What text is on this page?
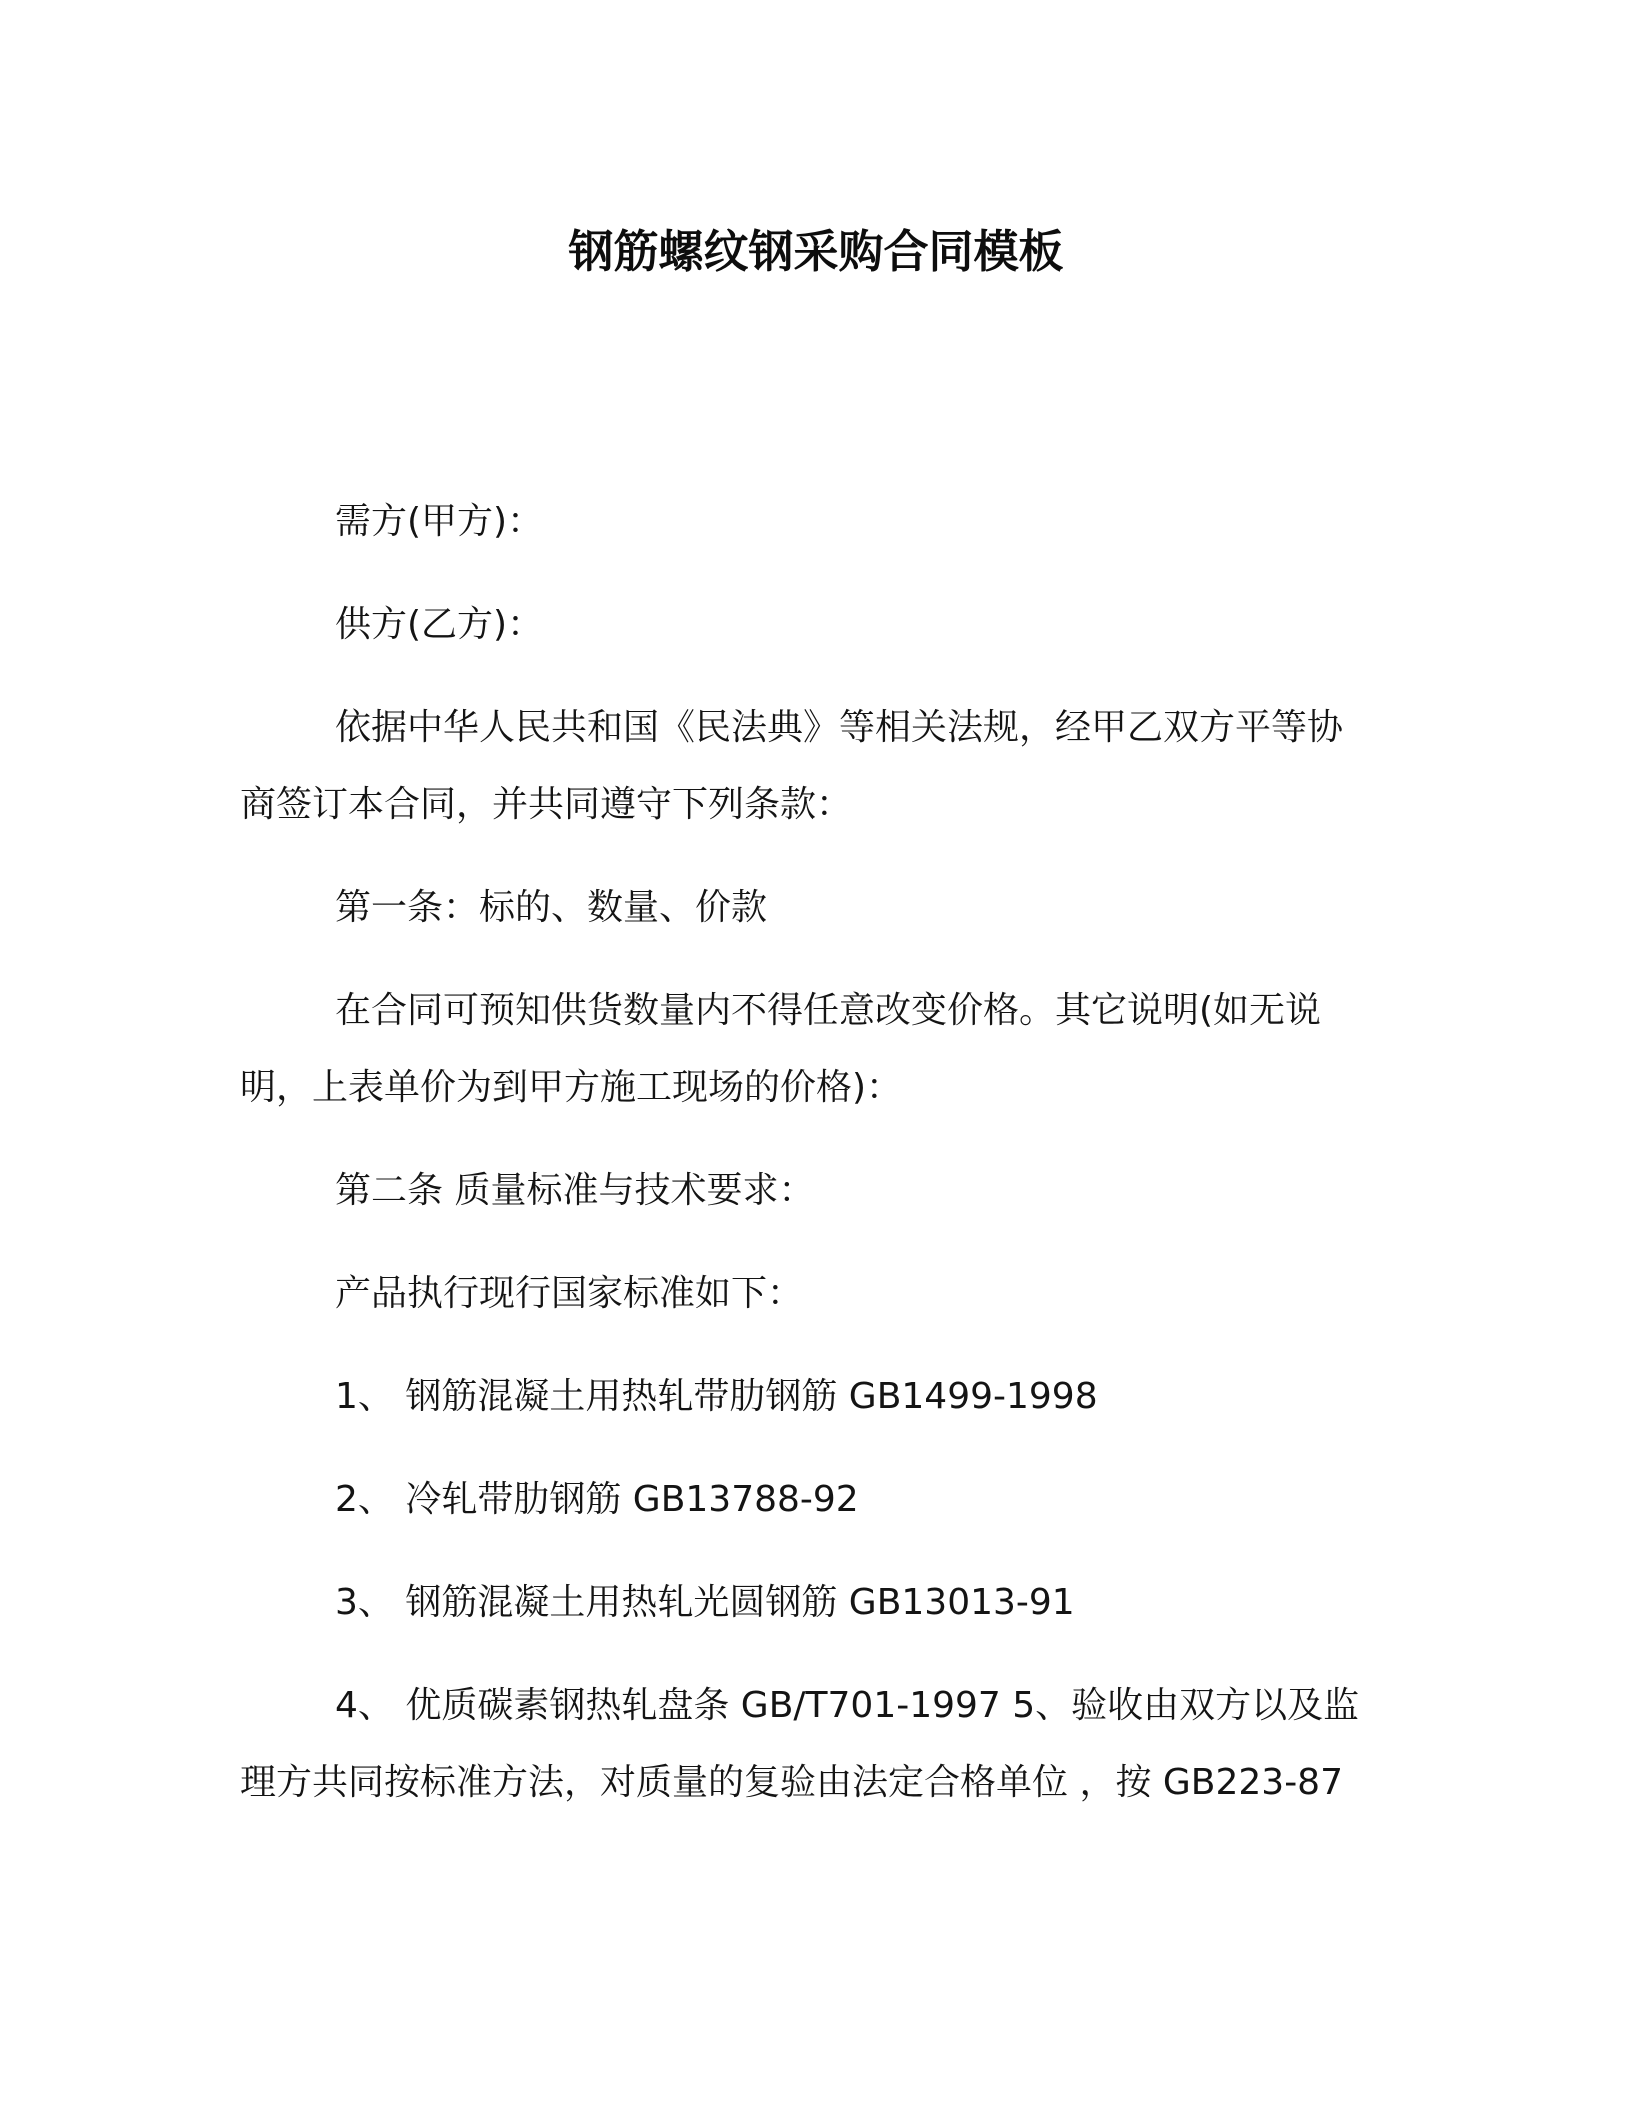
钢筋螺纹钢采购合同模板
需方(甲方)：
供方(乙方)：
依据中华人民共和国《民法典》等相关法规，经甲乙双方平等协
商签订本合同，并共同遵守下列条款：
第一条：标的、数量、价款
在合同可预知供货数量内不得任意改变价格。其它说明(如无说
明，上表单价为到甲方施工现场的价格)：
第二条 质量标准与技术要求：
产品执行现行国家标准如下：
1、 钢筋混凝土用热轧带肋钢筋 GB1499-1998
2、 冷轧带肋钢筋 GB13788-92
3、 钢筋混凝土用热轧光圆钢筋 GB13013-91
4、 优质碳素钢热轧盘条 GB/T701-1997 5、验收由双方以及监
理方共同按标准方法，对质量的复验由法定合格单位 ，按 GB223-87
